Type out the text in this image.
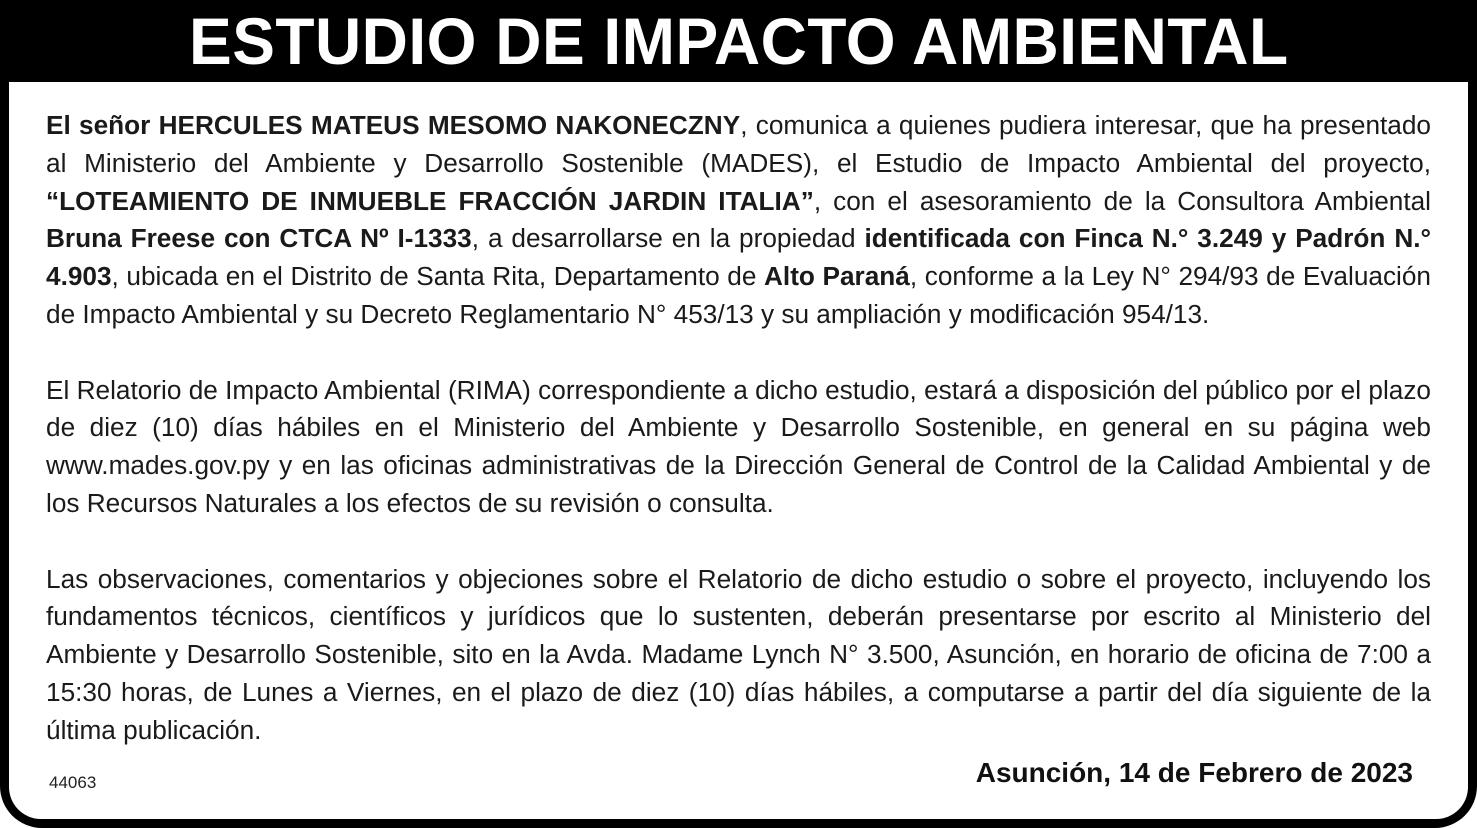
ESTUDIO DE IMPACTO AMBIENTAL

El señor HERCULES MATEUS MESOMO NAKONECZNY, comunica a quienes pudiera interesar, que ha presentado al Ministerio del Ambiente y Desarrollo Sostenible (MADES), el Estudio de Impacto Ambiental del proyecto, “LOTEAMIENTO DE INMUEBLE FRACCIÓN JARDIN ITALIA”, con el asesoramiento de la Consultora Ambiental Bruna Freese con CTCA Nº I-1333, a desarrollarse en la propiedad identificada con Finca N.° 3.249 y Padrón N.° 4.903, ubicada en el Distrito de Santa Rita, Departamento de Alto Paraná, conforme a la Ley N° 294/93 de Evaluación de Impacto Ambiental y su Decreto Reglamentario N° 453/13 y su ampliación y modificación 954/13.

El Relatorio de Impacto Ambiental (RIMA) correspondiente a dicho estudio, estará a disposición del público por el plazo de diez (10) días hábiles en el Ministerio del Ambiente y Desarrollo Sostenible, en general en su página web www.mades.gov.py y en las oficinas administrativas de la Dirección General de Control de la Calidad Ambiental y de los Recursos Naturales a los efectos de su revisión o consulta.

Las observaciones, comentarios y objeciones sobre el Relatorio de dicho estudio o sobre el proyecto, incluyendo los fundamentos técnicos, científicos y jurídicos que lo sustenten, deberán presentarse por escrito al Ministerio del Ambiente y Desarrollo Sostenible, sito en la Avda. Madame Lynch N° 3.500, Asunción, en horario de oficina de 7:00 a 15:30 horas, de Lunes a Viernes, en el plazo de diez (10) días hábiles, a computarse a partir del día siguiente de la última publicación.

44063	Asunción, 14 de Febrero de 2023
